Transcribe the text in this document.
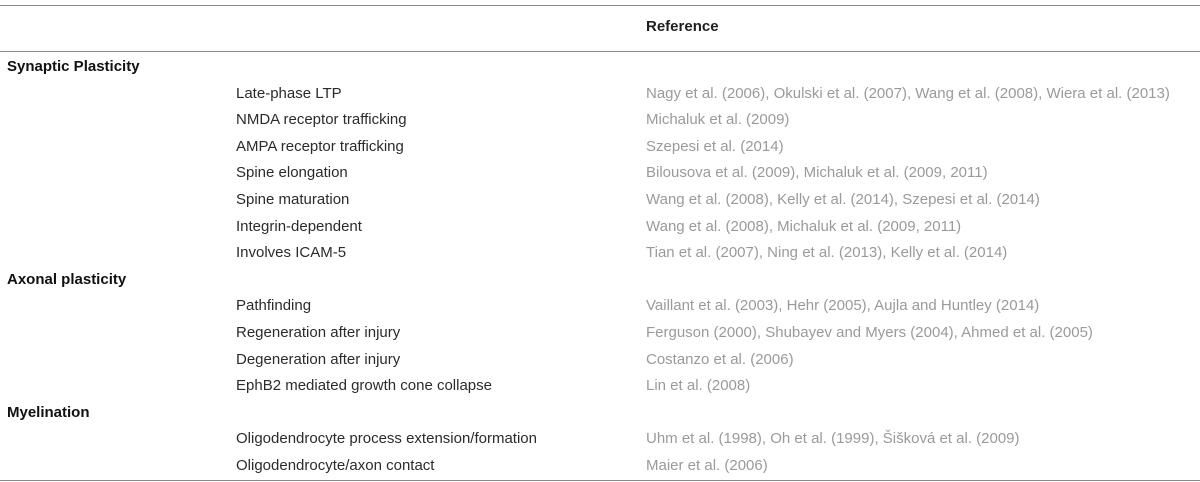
Reference
Synaptic Plasticity
Late-phase LTP	Nagy et al. (2006), Okulski et al. (2007), Wang et al. (2008), Wiera et al. (2013)
NMDA receptor trafficking	Michaluk et al. (2009)
AMPA receptor trafficking	Szepesi et al. (2014)
Spine elongation	Bilousova et al. (2009), Michaluk et al. (2009, 2011)
Spine maturation	Wang et al. (2008), Kelly et al. (2014), Szepesi et al. (2014)
Integrin-dependent	Wang et al. (2008), Michaluk et al. (2009, 2011)
Involves ICAM-5	Tian et al. (2007), Ning et al. (2013), Kelly et al. (2014)
Axonal plasticity
Pathfinding	Vaillant et al. (2003), Hehr (2005), Aujla and Huntley (2014)
Regeneration after injury	Ferguson (2000), Shubayev and Myers (2004), Ahmed et al. (2005)
Degeneration after injury	Costanzo et al. (2006)
EphB2 mediated growth cone collapse	Lin et al. (2008)
Myelination
Oligodendrocyte process extension/formation	Uhm et al. (1998), Oh et al. (1999), Šišková et al. (2009)
Oligodendrocyte/axon contact	Maier et al. (2006)
